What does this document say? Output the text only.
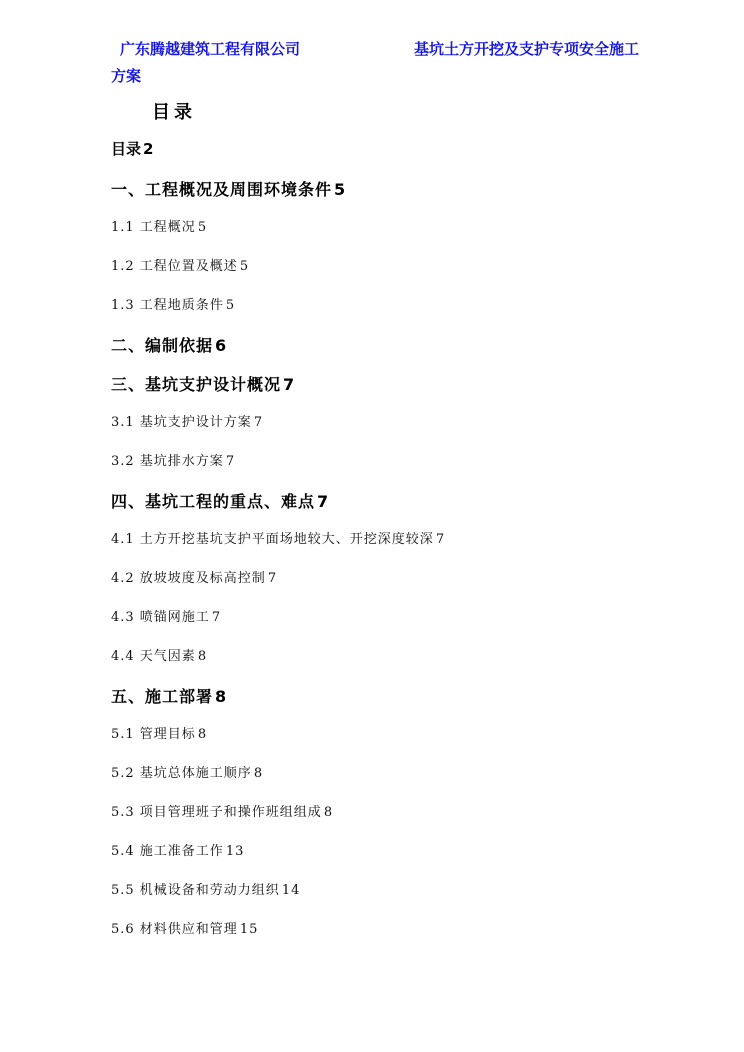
广东腾越建筑工程有限公司	基坑土方开挖及支护专项安全施工
方案
目录
目录 2
一、工程概况及周围环境条件 5
1.1 工程概况 5
1.2 工程位置及概述 5
1.3 工程地质条件 5
二、编制依据 6
三、基坑支护设计概况 7
3.1 基坑支护设计方案 7
3.2 基坑排水方案 7
四、基坑工程的重点、难点 7
4.1 土方开挖基坑支护平面场地较大、开挖深度较深 7
4.2 放坡坡度及标高控制 7
4.3 喷锚网施工 7
4.4 天气因素 8
五、施工部署 8
5.1 管理目标 8
5.2 基坑总体施工顺序 8
5.3 项目管理班子和操作班组组成 8
5.4 施工准备工作 13
5.5 机械设备和劳动力组织 14
5.6 材料供应和管理 15
